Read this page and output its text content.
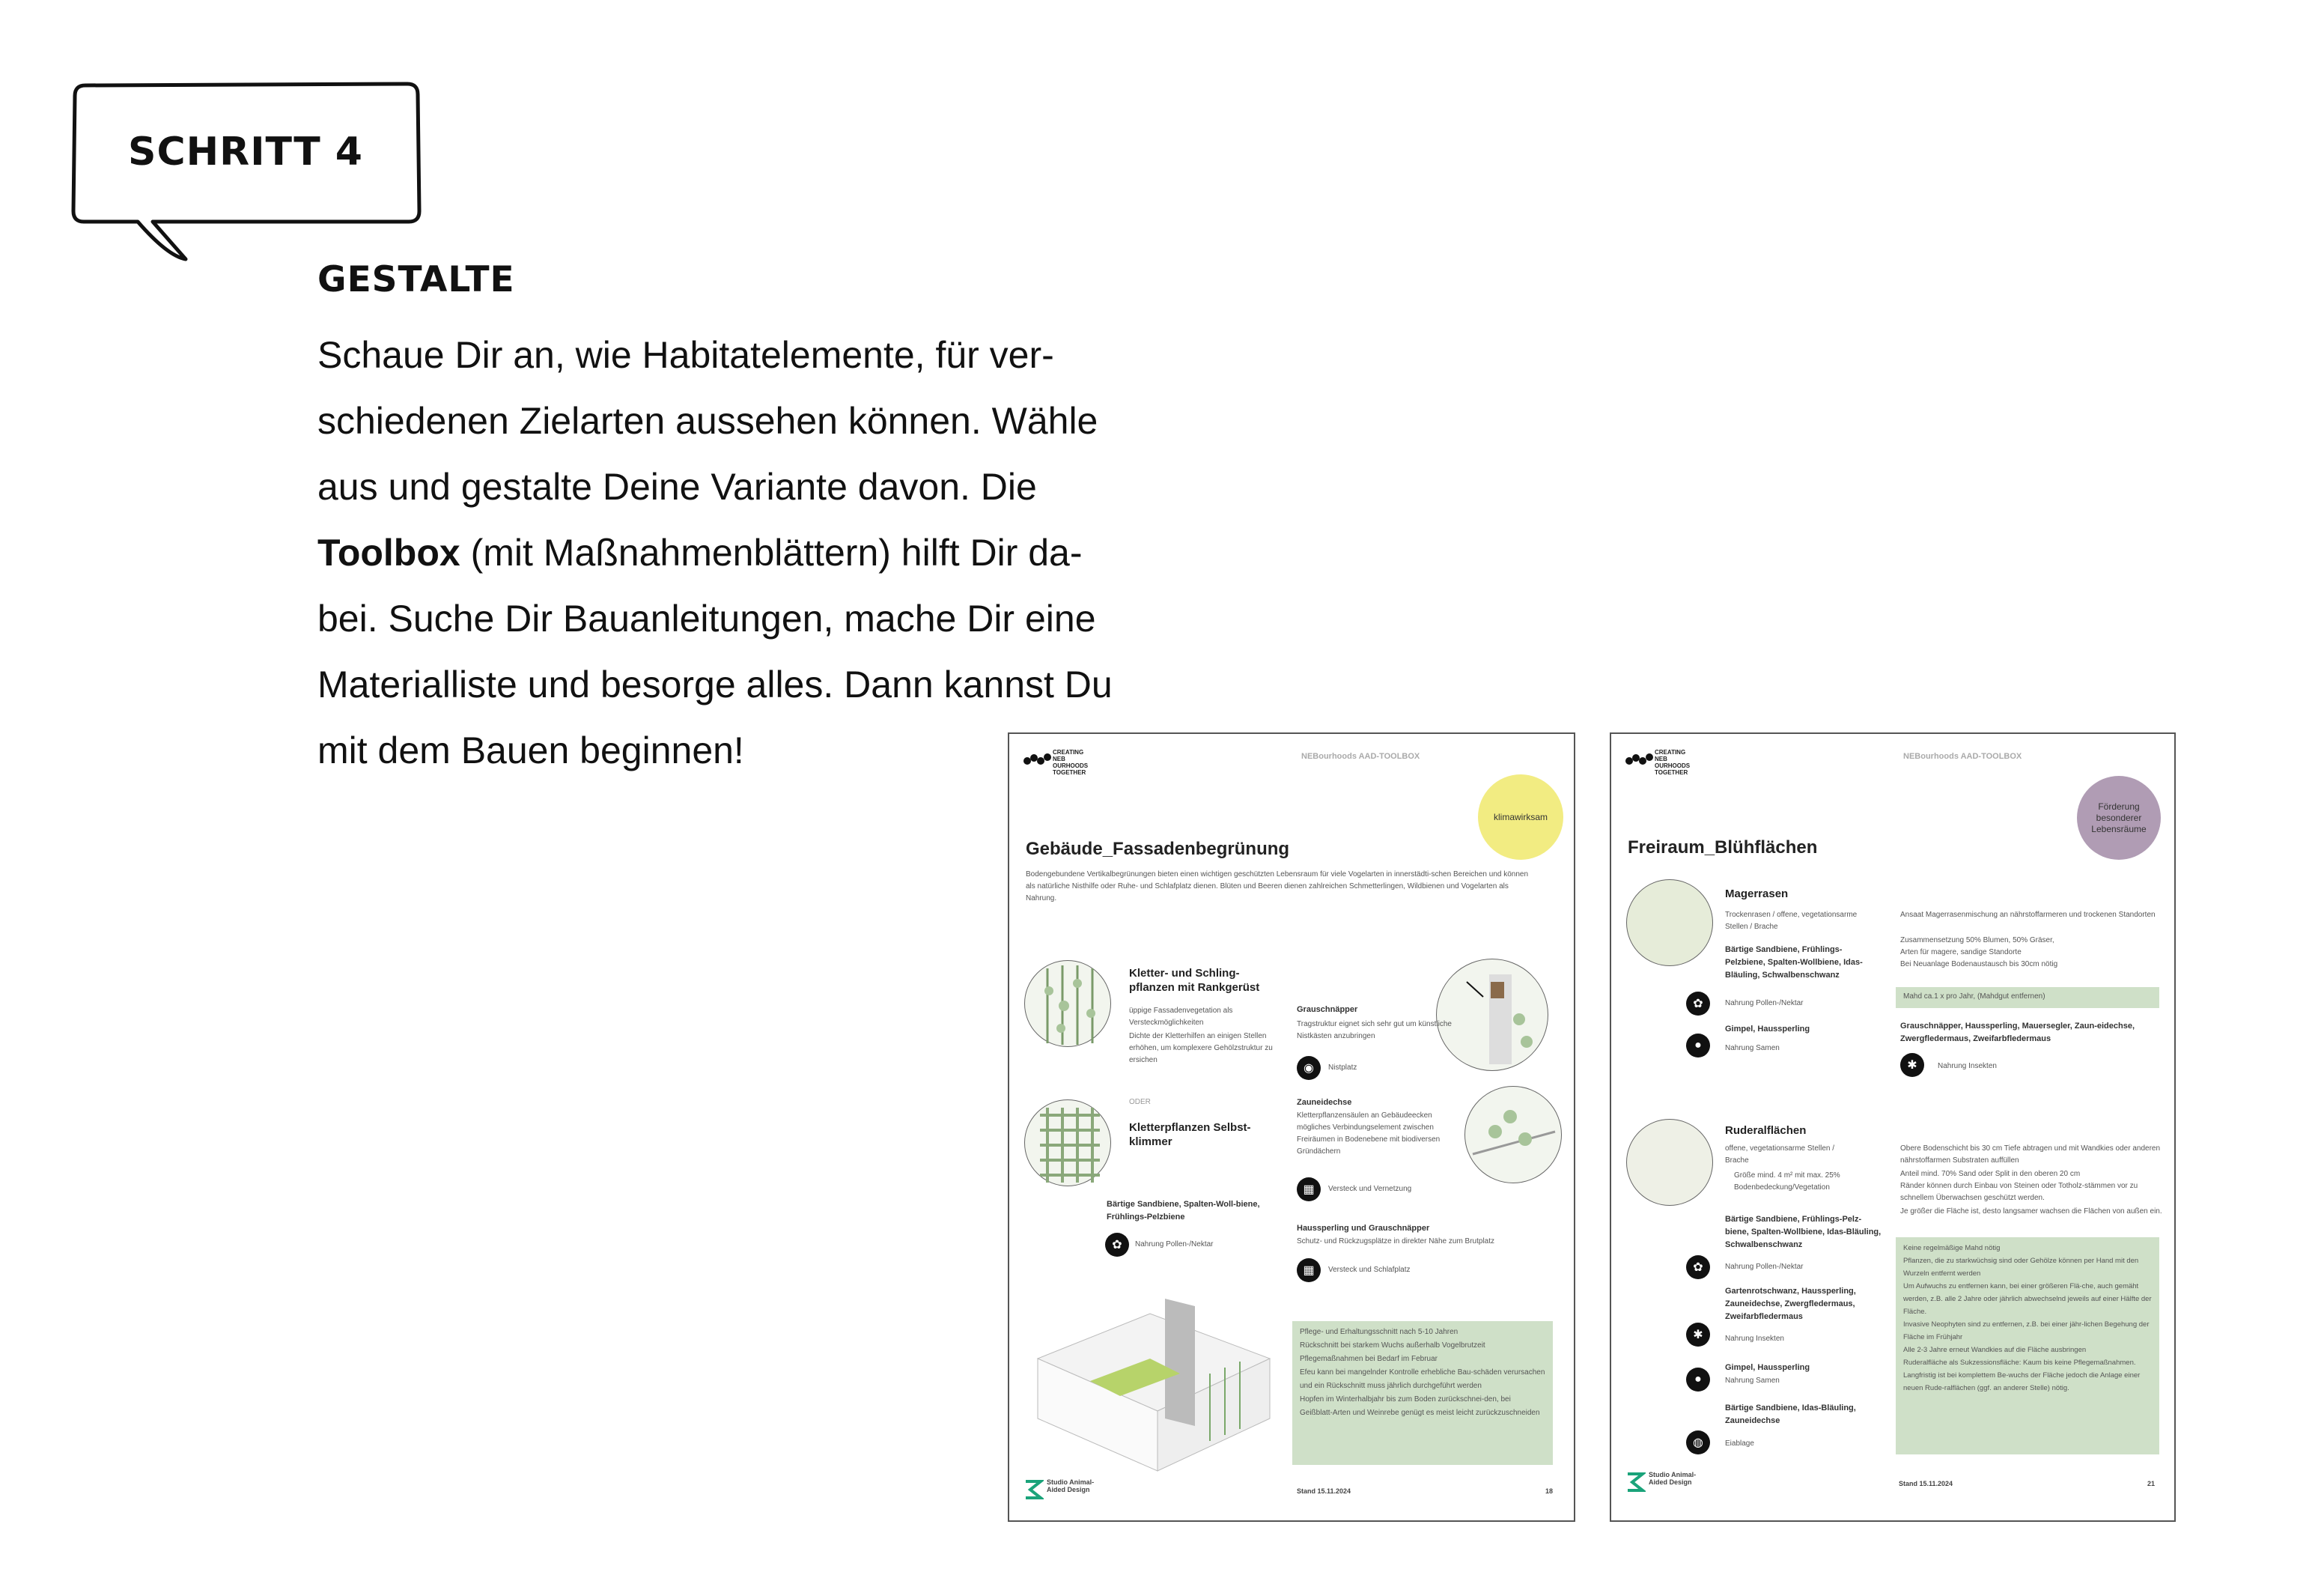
SCHRITT 4
GESTALTE
Schaue Dir an, wie Habitatelemente, für ver-
schiedenen Zielarten aussehen können. Wähle
aus und gestalte Deine Variante davon. Die
Toolbox (mit Maßnahmenblättern) hilft Dir da-
bei. Suche Dir Bauanleitungen, mache Dir eine
Materialliste und besorge alles. Dann kannst Du
mit dem Bauen beginnen!	CREATING
NEB
OURHOODS
TOGETHER
NEBourhoods AAD-TOOLBOX
klimawirksam
Gebäude_Fassadenbegrünung
Bodengebundene Vertikalbegrünungen bieten einen wichtigen geschützten Lebensraum für viele Vogelarten in innerstädti-schen Bereichen und können als natürliche Nisthilfe oder Ruhe- und Schlafplatz dienen. Blüten und Beeren dienen zahlreichen Schmetterlingen, Wildbienen und Vogelarten als Nahrung.
Kletter- und Schling-pflanzen mit Rankgerüst
üppige Fassadenvegetation als Versteckmöglichkeiten
Dichte der Kletterhilfen an einigen Stellen erhöhen, um komplexere Gehölzstruktur zu ersichen
ODER
Kletterpflanzen Selbst-klimmer
Bärtige Sandbiene, Spalten-Woll-biene, Frühlings-Pelzbiene
✿	Nahrung Pollen-/Nektar
Grauschnäpper
Tragstruktur eignet sich sehr gut um künstliche Nistkästen anzubringen
◉	Nistplatz
Zauneidechse
Kletterpflanzensäulen an Gebäudeecken
mögliches Verbindungselement zwischen Freiräumen in Bodenebene mit biodiversen Gründächern
▦	Versteck und Vernetzung
Haussperling und Grauschnäpper
Schutz- und Rückzugsplätze in direkter Nähe zum Brutplatz
▦	Versteck und Schlafplatz
Pflege- und Erhaltungsschnitt nach 5-10 Jahren
Rückschnitt bei starkem Wuchs außerhalb Vogelbrutzeit
Pflegemaßnahmen bei Bedarf im Februar
Efeu kann bei mangelnder Kontrolle erhebliche Bau-schäden verursachen und ein Rückschnitt muss jährlich durchgeführt werden
Hopfen im Winterhalbjahr bis zum Boden zurückschnei-den, bei Geißblatt-Arten und Weinrebe genügt es meist leicht zurückzuschneiden
Studio Animal-Aided Design	Stand 15.11.2024	18
CREATING
NEB
OURHOODS
TOGETHER
NEBourhoods AAD-TOOLBOX
Förderung besonderer Lebensräume
Freiraum_Blühflächen
Magerrasen
Trockenrasen / offene, vegetationsarme Stellen / Brache
Bärtige Sandbiene, Frühlings-Pelzbiene, Spalten-Wollbiene, Idas-Bläuling, Schwalbenschwanz
✿	Nahrung Pollen-/Nektar
Gimpel, Haussperling
●	Nahrung Samen
Ansaat Magerrasenmischung an nährstoffarmeren und trockenen Standorten
Zusammensetzung 50% Blumen, 50% Gräser,
Arten für magere, sandige Standorte
Bei Neuanlage Bodenaustausch bis 30cm nötig
Mahd ca.1 x pro Jahr, (Mahdgut entfernen)
Grauschnäpper, Haussperling, Mauersegler, Zaun-eidechse, Zwergfledermaus, Zweifarbfledermaus
✱	Nahrung Insekten
Ruderalflächen
offene, vegetationsarme Stellen / Brache
Größe mind. 4 m² mit max. 25% Bodenbedeckung/Vegetation
Bärtige Sandbiene, Frühlings-Pelz-biene, Spalten-Wollbiene, Idas-Bläuling, Schwalbenschwanz
✿	Nahrung Pollen-/Nektar
Gartenrotschwanz, Haussperling, Zauneidechse, Zwergfledermaus, Zweifarbfledermaus
✱	Nahrung Insekten
Gimpel, Haussperling
●	Nahrung Samen
Bärtige Sandbiene, Idas-Bläuling, Zauneidechse
◍	Eiablage
Obere Bodenschicht bis 30 cm Tiefe abtragen und mit Wandkies oder anderen nährstoffarmen Substraten auffüllen
Anteil mind. 70% Sand oder Split in den oberen 20 cm
Ränder können durch Einbau von Steinen oder Totholz-stämmen vor zu schnellem Überwachsen geschützt werden.
Je größer die Fläche ist, desto langsamer wachsen die Flächen von außen ein.
Keine regelmäßige Mahd nötig
Pflanzen, die zu starkwüchsig sind oder Gehölze können per Hand mit den Wurzeln entfernt werden
Um Aufwuchs zu entfernen kann, bei einer größeren Flä-che, auch gemäht werden, z.B. alle 2 Jahre oder jährlich abwechselnd jeweils auf einer Hälfte der Fläche.
Invasive Neophyten sind zu entfernen, z.B. bei einer jähr-lichen Begehung der Fläche im Frühjahr
Alle 2-3 Jahre erneut Wandkies auf die Fläche ausbringen
Ruderalfläche als Sukzessionsfläche: Kaum bis keine Pflegemaßnahmen. Langfristig ist bei komplettem Be-wuchs der Fläche jedoch die Anlage einer neuen Rude-ralflächen (ggf. an anderer Stelle) nötig.
Studio Animal-Aided Design	Stand 15.11.2024	21
